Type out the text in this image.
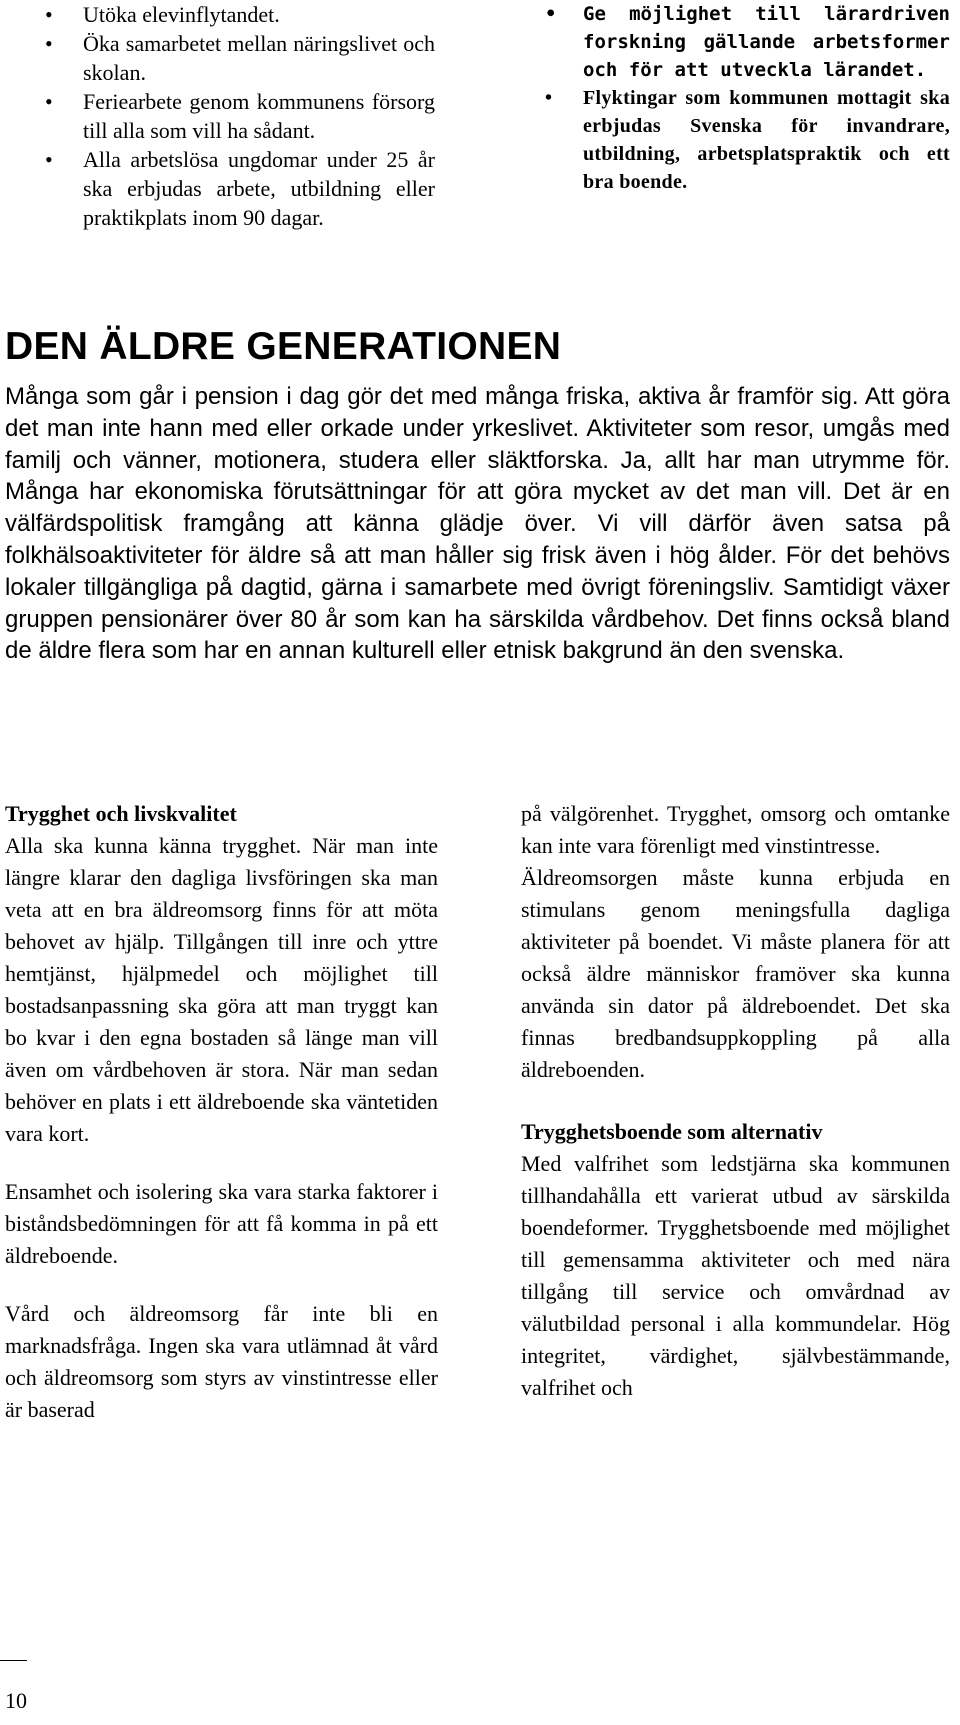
• Utöka elevinflytandet.
• Öka samarbetet mellan näringslivet och skolan.
• Feriearbete genom kommunens försorg till alla som vill ha sådant.
• Alla arbetslösa ungdomar under 25 år ska erbjudas arbete, utbildning eller praktikplats inom 90 dagar.
• Ge möjlighet till lärardriven forskning gällande arbetsformer och för att utveckla lärandet.
• Flyktingar som kommunen mottagit ska erbjudas Svenska för invandrare, utbildning, arbetsplatspraktik och ett bra boende.
DEN ÄLDRE GENERATIONEN

Många som går i pension i dag gör det med många friska, aktiva år framför sig. Att göra det man inte hann med eller orkade under yrkeslivet. Aktiviteter som resor, umgås med familj och vänner, motionera, studera eller släktforska. Ja, allt har man utrymme för. Många har ekonomiska förutsättningar för att göra mycket av det man vill. Det är en välfärdspolitisk framgång att känna glädje över. Vi vill därför även satsa på folkhälsoaktiviteter för äldre så att man håller sig frisk även i hög ålder. För det behövs lokaler tillgängliga på dagtid, gärna i samarbete med övrigt föreningsliv. Samtidigt växer gruppen pensionärer över 80 år som kan ha särskilda vårdbehov. Det finns också bland de äldre flera som har en annan kulturell eller etnisk bakgrund än den svenska.

Trygghet och livskvalitet

Alla ska kunna känna trygghet. När man inte längre klarar den dagliga livsföringen ska man veta att en bra äldreomsorg finns för att möta behovet av hjälp. Tillgången till inre och yttre hemtjänst, hjälpmedel och möjlighet till bostadsanpassning ska göra att man tryggt kan bo kvar i den egna bostaden så länge man vill även om vårdbehoven är stora. När man sedan behöver en plats i ett äldreboende ska väntetiden vara kort.

Ensamhet och isolering ska vara starka faktorer i biståndsbedömningen för att få komma in på ett äldreboende.

Vård och äldreomsorg får inte bli en marknadsfråga. Ingen ska vara utlämnad åt vård och äldreomsorg som styrs av vinstintresse eller är baserad

på välgörenhet. Trygghet, omsorg och omtanke kan inte vara förenligt med vinstintresse.

Äldreomsorgen måste kunna erbjuda en stimulans genom meningsfulla dagliga aktiviteter på boendet. Vi måste planera för att också äldre människor framöver ska kunna använda sin dator på äldreboendet. Det ska finnas bredbandsuppkoppling på alla äldreboenden.

Trygghetsboende som alternativ

Med valfrihet som ledstjärna ska kommunen tillhandahålla ett varierat utbud av särskilda boendeformer. Trygghetsboende med möjlighet till gemensamma aktiviteter och med nära tillgång till service och omvårdnad av välutbildad personal i alla kommundelar. Hög integritet, värdighet, självbestämmande, valfrihet och

10
